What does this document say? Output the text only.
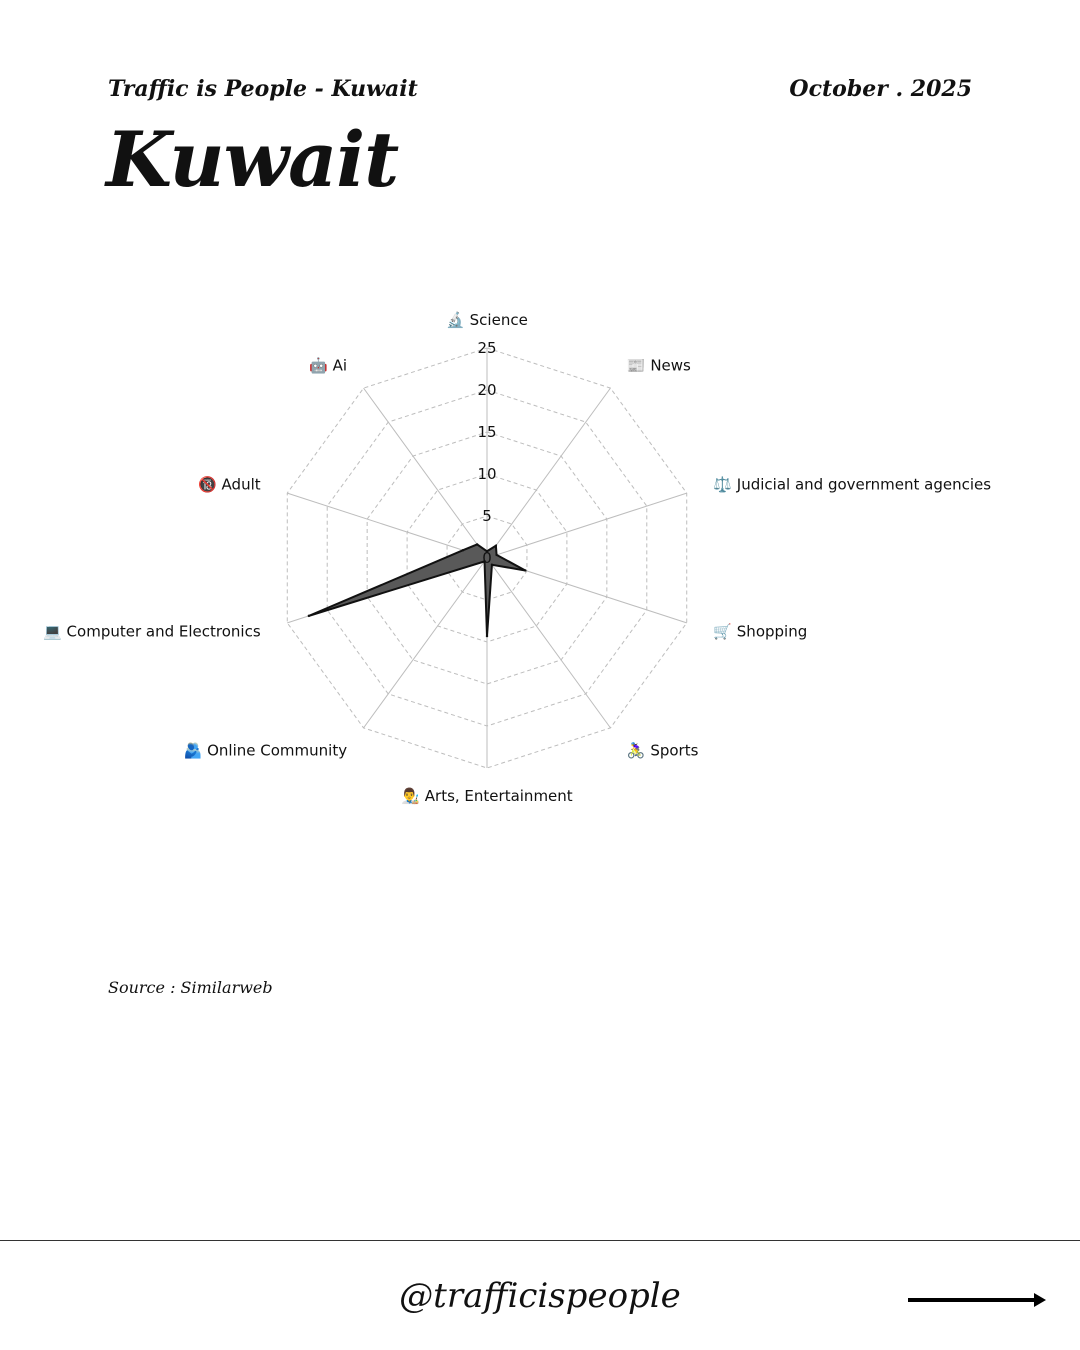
Traffic is People - Kuwait	October . 2025
Kuwait
0
5
10
15
20
25
🔬 Science
📰 News
⚖️ Judicial and government agencies
🛒 Shopping
🚴‍♀️ Sports
👨‍🎨 Arts, Entertainment
🫂 Online Community
💻 Computer and Electronics
🔞 Adult
🤖 Ai
Source : Similarweb
@trafficispeople
